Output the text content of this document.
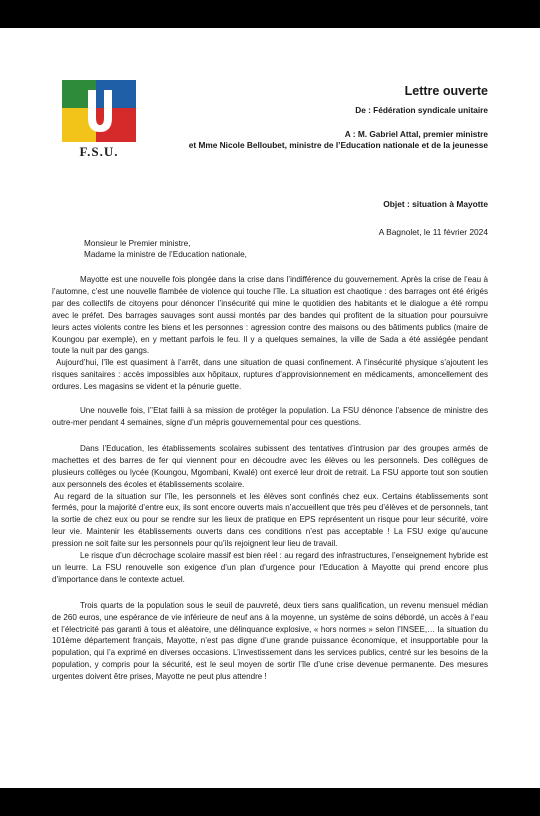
F.S.U.
Lettre ouverte
De : Fédération syndicale unitaire
A : M. Gabriel Attal, premier ministre
et Mme Nicole Belloubet, ministre de l’Education nationale et de la jeunesse
Objet : situation à Mayotte
A Bagnolet, le 11 février 2024
Monsieur le Premier ministre,
Madame la ministre de l’Education nationale,

Mayotte est une nouvelle fois plongée dans la crise dans l’indifférence du gouvernement. Après la crise de l’eau à l’automne, c’est une nouvelle flambée de violence qui touche l’île. La situation est chaotique : des barrages ont été érigés par des collectifs de citoyens pour dénoncer l’insécurité qui mine le quotidien des habitants et le dialogue a été rompu avec le préfet. Des barrages sauvages sont aussi montés par des bandes qui profitent de la situation pour poursuivre leurs actes violents contre les biens et les personnes : agression contre des maisons ou des bâtiments publics (maire de Koungou par exemple), en y mettant parfois le feu. Il y a quelques semaines, la ville de Sada a été assiégée pendant toute la nuit par des gangs.

Aujourd’hui, l’île est quasiment à l’arrêt, dans une situation de quasi confinement. A l’insécurité physique s’ajoutent les risques sanitaires : accès impossibles aux hôpitaux, ruptures d’approvisionnement en médicaments, amoncellement des ordures. Les magasins se vident et la pénurie guette.

Une nouvelle fois, l’’Etat failli à sa mission de protéger la population. La FSU dénonce l’absence de ministre des outre-mer pendant 4 semaines, signe d’un mépris gouvernemental pour ces questions.

Dans l’Education, les établissements scolaires subissent des tentatives d’intrusion par des groupes armés de machettes et des barres de fer qui viennent pour en découdre avec les élèves ou les personnels. Des collègues de plusieurs collèges ou lycée (Koungou, Mgombani, Kwalé) ont exercé leur droit de retrait. La FSU apporte tout son soutien aux personnels des écoles et établissements scolaire.

Au regard de la situation sur l’île, les personnels et les élèves sont confinés chez eux. Certains établissements sont fermés, pour la majorité d’entre eux, ils sont encore ouverts mais n’accueillent que très peu d’élèves et de personnels, tant la sortie de chez eux ou pour se rendre sur les lieux de pratique en EPS représentent un risque pour leur sécurité, voire leur vie. Maintenir les établissements ouverts dans ces conditions n’est pas acceptable ! La FSU exige qu’aucune pression ne soit faite sur les personnels pour qu’ils rejoignent leur lieu de travail.

Le risque d’un décrochage scolaire massif est bien réel : au regard des infrastructures, l’enseignement hybride est un leurre. La FSU renouvelle son exigence d’un plan d’urgence pour l’Education à Mayotte qui prend encore plus d’importance dans le contexte actuel.

Trois quarts de la population sous le seuil de pauvreté, deux tiers sans qualification, un revenu mensuel médian de 260 euros, une espérance de vie inférieure de neuf ans à la moyenne, un système de soins débordé, un accès à l’eau et l’électricité pas garanti à tous et aléatoire, une délinquance explosive, « hors normes » selon l’INSEE,… la situation du 101ème département français, Mayotte, n’est pas digne d’une grande puissance économique, et insupportable pour la population, qui l’a exprimé en diverses occasions. L’investissement dans les services publics, centré sur les besoins de la population, y compris pour la sécurité, est le seul moyen de sortir l’île d’une crise devenue permanente. Des mesures urgentes doivent être prises, Mayotte ne peut plus attendre !
